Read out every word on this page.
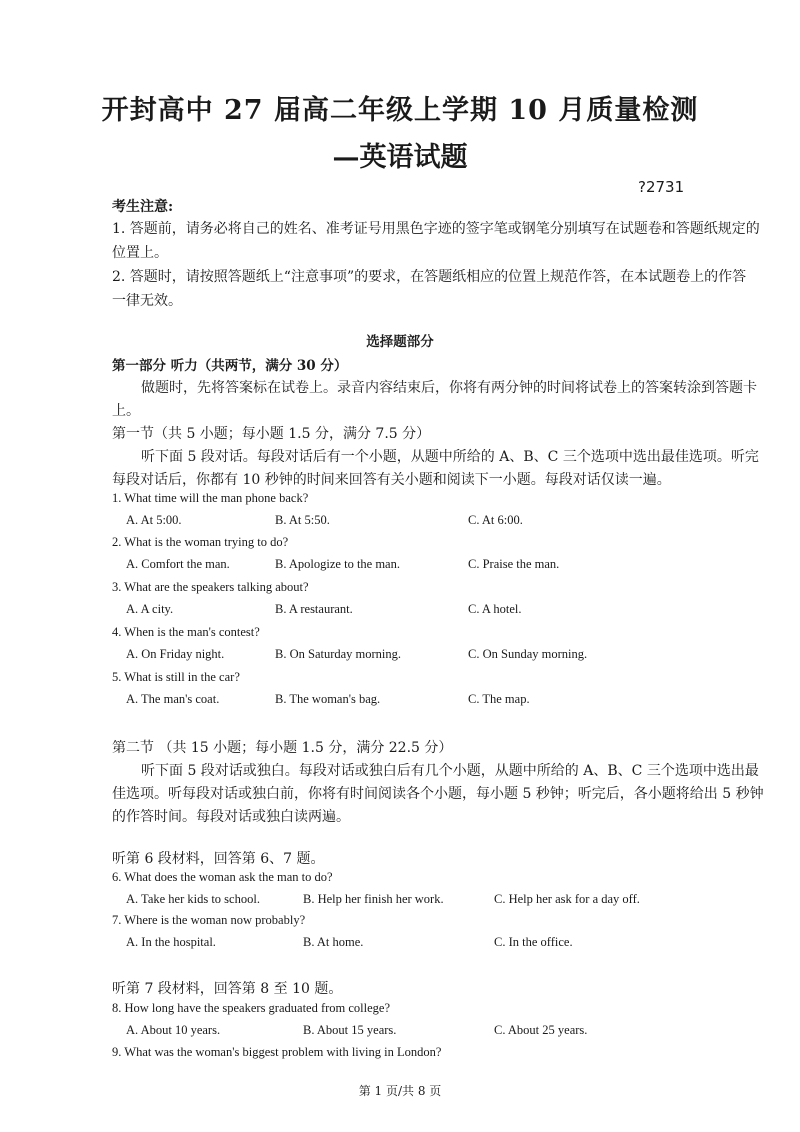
开封高中 27 届高二年级上学期 10 月质量检测
—英语试题
?2731
考生注意:
1. 答题前，请务必将自己的姓名、准考证号用黑色字迹的签字笔或钢笔分别填写在试题卷和答题纸规定的
位置上。
2. 答题时，请按照答题纸上“注意事项”的要求，在答题纸相应的位置上规范作答，在本试题卷上的作答
一律无效。
选择题部分
第一部分 听力（共两节，满分 30 分）
做题时，先将答案标在试卷上。录音内容结束后，你将有两分钟的时间将试卷上的答案转涂到答题卡
上。
第一节（共 5 小题；每小题 1.5 分，满分 7.5 分）
听下面 5 段对话。每段对话后有一个小题，从题中所给的 A、B、C 三个选项中选出最佳选项。听完
每段对话后，你都有 10 秒钟的时间来回答有关小题和阅读下一小题。每段对话仅读一遍。
1. What time will the man phone back?
A. At 5:00.	B. At 5:50.	C. At 6:00.
2. What is the woman trying to do?
A. Comfort the man.	B. Apologize to the man.	C. Praise the man.
3. What are the speakers talking about?
A. A city.	B. A restaurant.	C. A hotel.
4. When is the man's contest?
A. On Friday night.	B. On Saturday morning.	C. On Sunday morning.
5. What is still in the car?
A. The man's coat.	B. The woman's bag.	C. The map.
第二节 （共 15 小题；每小题 1.5 分，满分 22.5 分）
听下面 5 段对话或独白。每段对话或独白后有几个小题，从题中所给的 A、B、C 三个选项中选出最
佳选项。听每段对话或独白前，你将有时间阅读各个小题，每小题 5 秒钟；听完后，各小题将给出 5 秒钟
的作答时间。每段对话或独白读两遍。
听第 6 段材料，回答第 6、7 题。
6. What does the woman ask the man to do?
A. Take her kids to school.	B. Help her finish her work.	C. Help her ask for a day off.
7. Where is the woman now probably?
A. In the hospital.	B. At home.	C. In the office.
听第 7 段材料，回答第 8 至 10 题。
8. How long have the speakers graduated from college?
A. About 10 years.	B. About 15 years.	C. About 25 years.
9. What was the woman's biggest problem with living in London?
第 1 页/共 8 页
